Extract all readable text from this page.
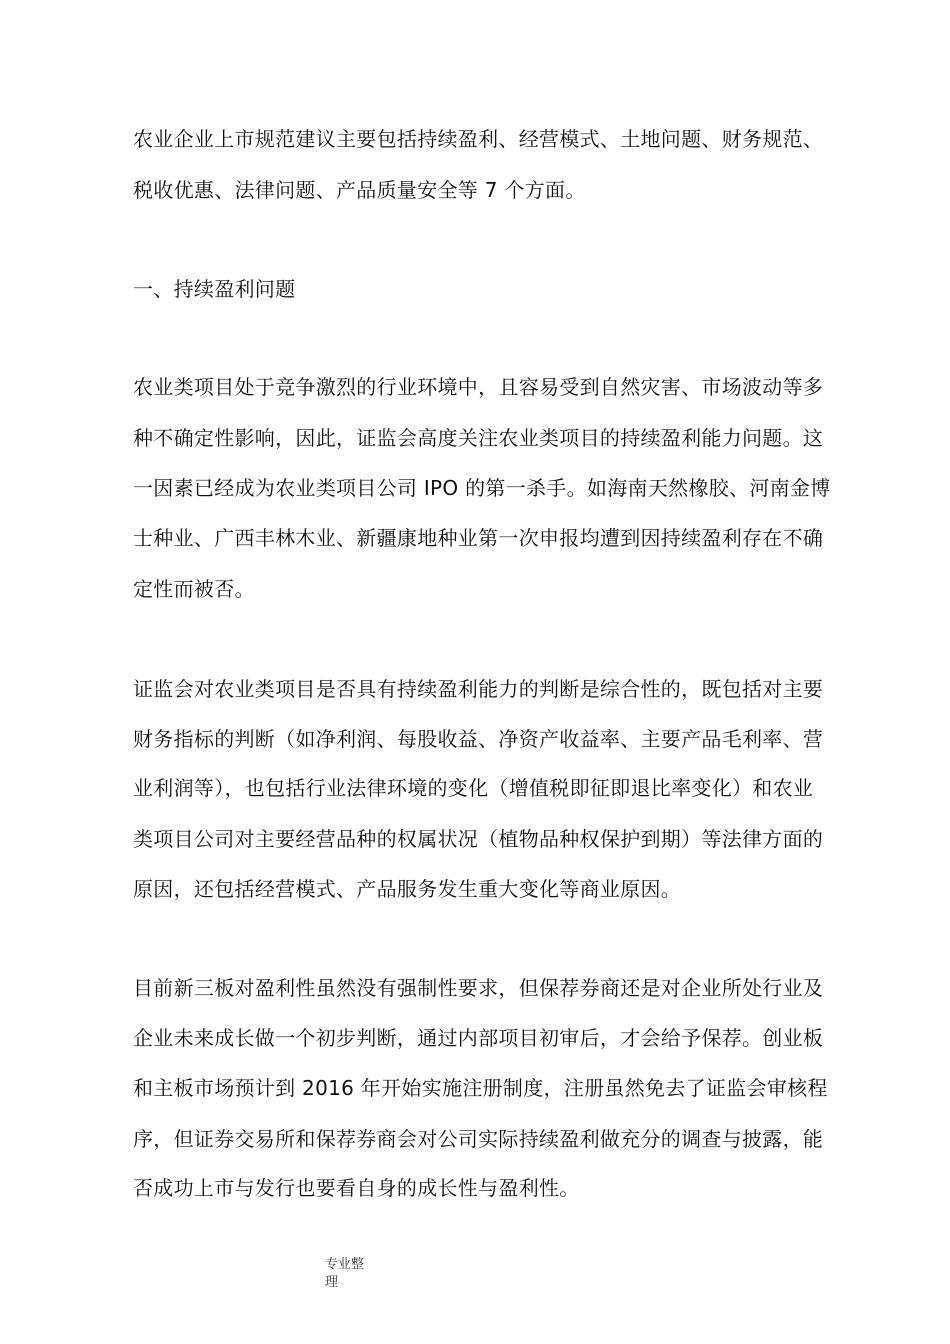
农业企业上市规范建议主要包括持续盈利、经营模式、土地问题、财务规范、
税收优惠、法律问题、产品质量安全等 7 个方面。
一、持续盈利问题
农业类项目处于竞争激烈的行业环境中，且容易受到自然灾害、市场波动等多
种不确定性影响，因此，证监会高度关注农业类项目的持续盈利能力问题。这
一因素已经成为农业类项目公司 IPO 的第一杀手。如海南天然橡胶、河南金博
士种业、广西丰林木业、新疆康地种业第一次申报均遭到因持续盈利存在不确
定性而被否。
证监会对农业类项目是否具有持续盈利能力的判断是综合性的，既包括对主要
财务指标的判断（如净利润、每股收益、净资产收益率、主要产品毛利率、营
业利润等），也包括行业法律环境的变化（增值税即征即退比率变化）和农业
类项目公司对主要经营品种的权属状况（植物品种权保护到期）等法律方面的
原因，还包括经营模式、产品服务发生重大变化等商业原因。
目前新三板对盈利性虽然没有强制性要求，但保荐券商还是对企业所处行业及
企业未来成长做一个初步判断，通过内部项目初审后，才会给予保荐。创业板
和主板市场预计到 2016 年开始实施注册制度，注册虽然免去了证监会审核程
序，但证券交易所和保荐券商会对公司实际持续盈利做充分的调查与披露，能
否成功上市与发行也要看自身的成长性与盈利性。
专业整
理
